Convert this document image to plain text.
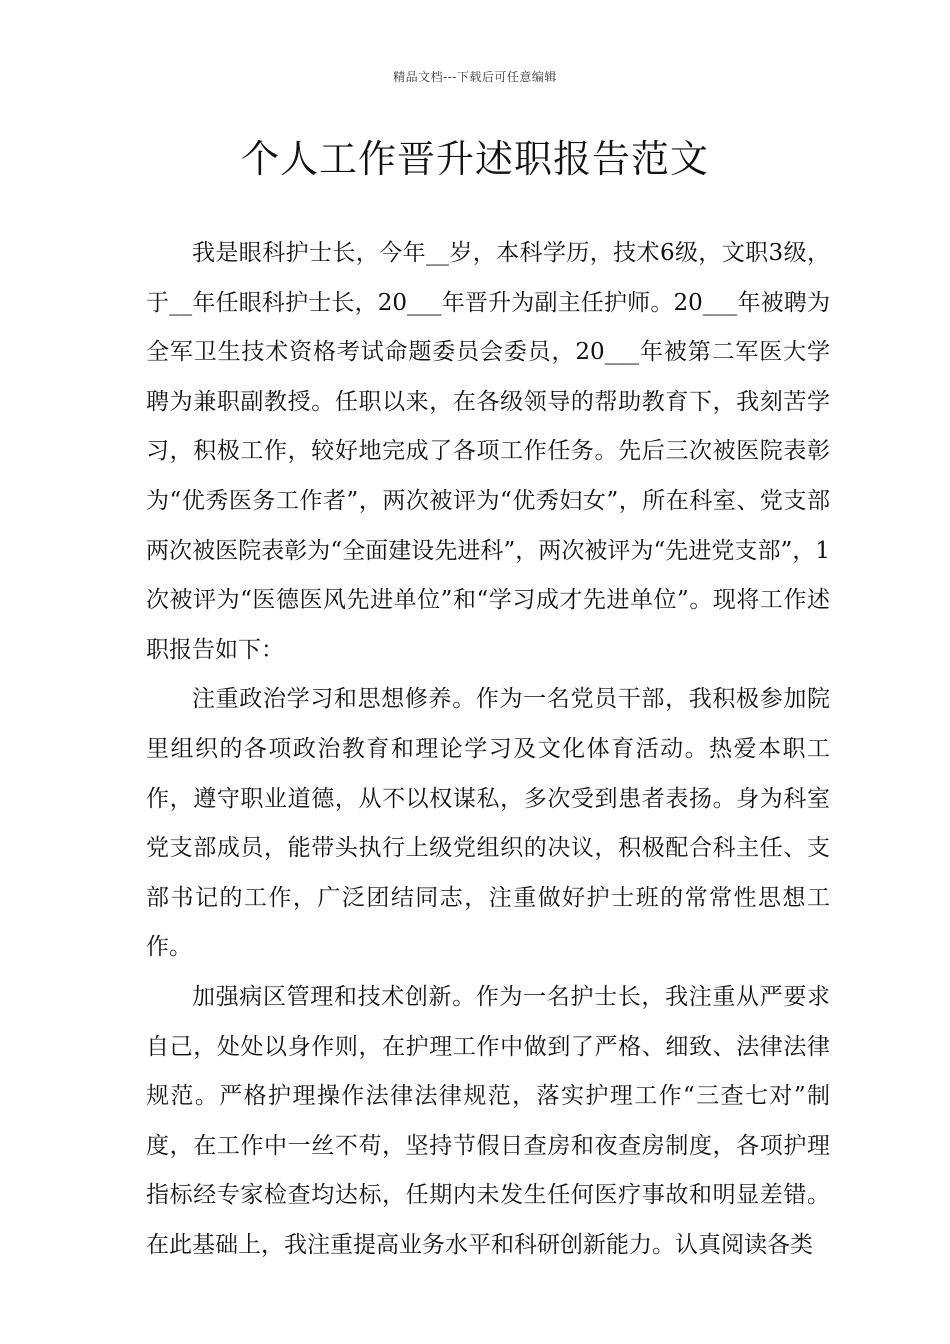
精品文档---下载后可任意编辑
个人工作晋升述职报告范文

我是眼科护士长，今年__岁，本科学历，技术6级，文职3级，于__年任眼科护士长，20___年晋升为副主任护师。20___年被聘为全军卫生技术资格考试命题委员会委员，20___年被第二军医大学聘为兼职副教授。任职以来，在各级领导的帮助教育下，我刻苦学习，积极工作，较好地完成了各项工作任务。先后三次被医院表彰为“优秀医务工作者”，两次被评为“优秀妇女”，所在科室、党支部两次被医院表彰为“全面建设先进科”，两次被评为“先进党支部”，1次被评为“医德医风先进单位”和“学习成才先进单位”。现将工作述职报告如下：

注重政治学习和思想修养。作为一名党员干部，我积极参加院里组织的各项政治教育和理论学习及文化体育活动。热爱本职工作，遵守职业道德，从不以权谋私，多次受到患者表扬。身为科室党支部成员，能带头执行上级党组织的决议，积极配合科主任、支部书记的工作，广泛团结同志，注重做好护士班的常常性思想工作。

加强病区管理和技术创新。作为一名护士长，我注重从严要求自己，处处以身作则，在护理工作中做到了严格、细致、法律法律规范。严格护理操作法律法律规范，落实护理工作“三查七对”制度，在工作中一丝不苟，坚持节假日查房和夜查房制度，各项护理指标经专家检查均达标，任期内未发生任何医疗事故和明显差错。在此基础上，我注重提高业务水平和科研创新能力。认真阅读各类
